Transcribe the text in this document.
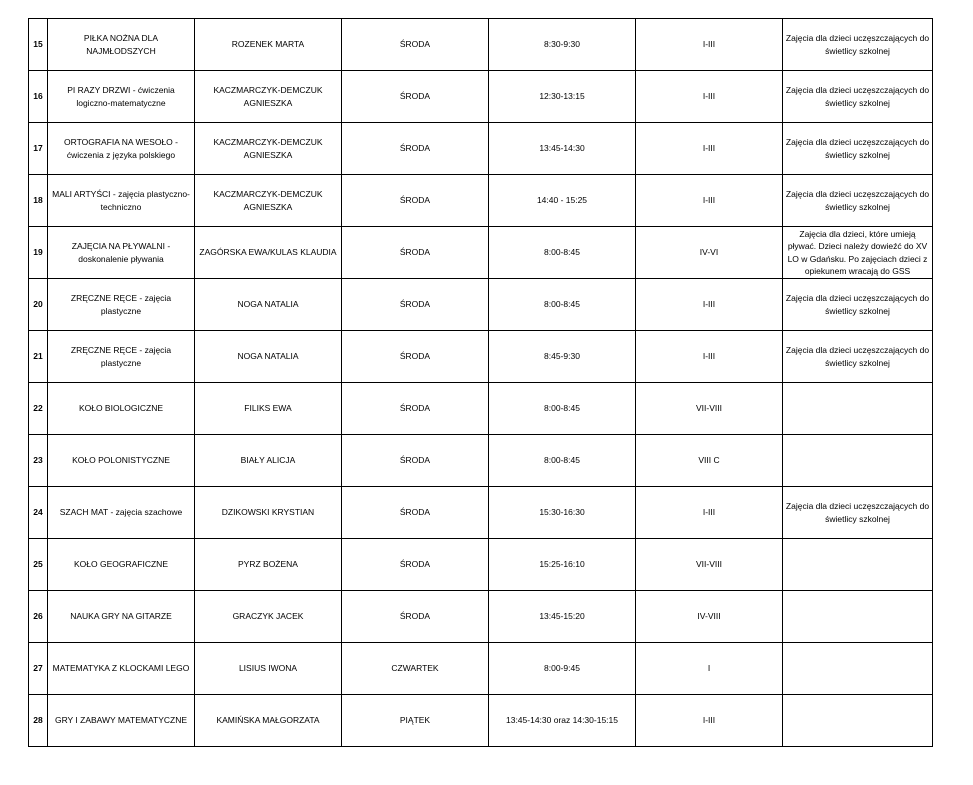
15	PIŁKA NOŻNA DLA NAJMŁODSZYCH	ROZENEK MARTA	ŚRODA	8:30-9:30	I-III	Zajęcia dla dzieci uczęszczających do świetlicy szkolnej
16	PI RAZY DRZWI - ćwiczenia logiczno-matematyczne	KACZMARCZYK-DEMCZUK AGNIESZKA	ŚRODA	12:30-13:15	I-III	Zajęcia dla dzieci uczęszczających do świetlicy szkolnej
17	ORTOGRAFIA NA WESOŁO - ćwiczenia z języka polskiego	KACZMARCZYK-DEMCZUK AGNIESZKA	ŚRODA	13:45-14:30	I-III	Zajęcia dla dzieci uczęszczających do świetlicy szkolnej
18	MALI ARTYŚCI - zajęcia plastyczno-techniczno	KACZMARCZYK-DEMCZUK AGNIESZKA	ŚRODA	14:40 - 15:25	I-III	Zajęcia dla dzieci uczęszczających do świetlicy szkolnej
19	ZAJĘCIA NA PŁYWALNI - doskonalenie pływania	ZAGÓRSKA EWA/KULAS KLAUDIA	ŚRODA	8:00-8:45	IV-VI	Zajęcia dla dzieci, które umieją pływać. Dzieci należy dowieźć do XV LO w Gdańsku. Po zajęciach dzieci z opiekunem wracają do GSS
20	ZRĘCZNE RĘCE - zajęcia plastyczne	NOGA NATALIA	ŚRODA	8:00-8:45	I-III	Zajęcia dla dzieci uczęszczających do świetlicy szkolnej
21	ZRĘCZNE RĘCE - zajęcia plastyczne	NOGA NATALIA	ŚRODA	8:45-9:30	I-III	Zajęcia dla dzieci uczęszczających do świetlicy szkolnej
22	KOŁO BIOLOGICZNE	FILIKS EWA	ŚRODA	8:00-8:45	VII-VIII	
23	KOŁO POLONISTYCZNE	BIAŁY ALICJA	ŚRODA	8:00-8:45	VIII C	
24	SZACH MAT - zajęcia szachowe	DZIKOWSKI KRYSTIAN	ŚRODA	15:30-16:30	I-III	Zajęcia dla dzieci uczęszczających do świetlicy szkolnej
25	KOŁO GEOGRAFICZNE	PYRZ BOŻENA	ŚRODA	15:25-16:10	VII-VIII	
26	NAUKA GRY NA GITARZE	GRACZYK JACEK	ŚRODA	13:45-15:20	IV-VIII	
27	MATEMATYKA Z KLOCKAMI LEGO	LISIUS IWONA	CZWARTEK	8:00-9:45	I	
28	GRY I ZABAWY MATEMATYCZNE	KAMIŃSKA MAŁGORZATA	PIĄTEK	13:45-14:30 oraz 14:30-15:15	I-III	
